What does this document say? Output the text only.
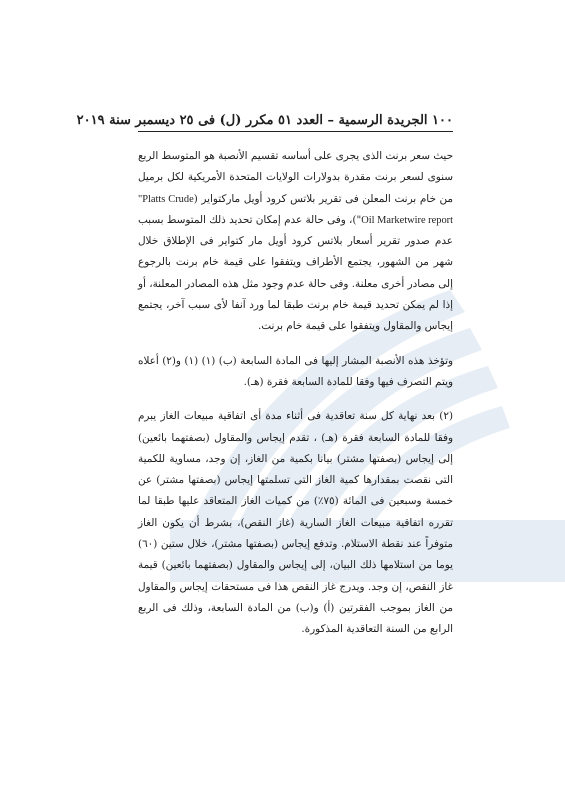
١٠٠ الجريدة الرسمية – العدد ٥١ مكرر (ل) فى ٢٥ ديسمبر سنة ٢٠١٩

حيث سعر برنت الذى يجرى على أساسه تقسيم الأنصبة هو المتوسط الربع سنوى لسعر برنت مقدرة بدولارات الولايات المتحدة الأمريكية لكل برميل من خام برنت المعلن فى تقرير بلاتس كرود أويل ماركتواير ("Platts Crude Oil Marketwire report")، وفى حالة عدم إمكان تحديد ذلك المتوسط بسبب عدم صدور تقرير أسعار بلاتس كرود أويل مار كتواير فى الإطلاق خلال شهر من الشهور، يجتمع الأطراف ويتفقوا على قيمة خام برنت بالرجوع إلى مصادر أخرى معلنة. وفى حالة عدم وجود مثل هذه المصادر المعلنة، أو إذا لم يمكن تحديد قيمة خام برنت طبقا لما ورد آنفا لأى سبب آخر، يجتمع إيجاس والمقاول ويتفقوا على قيمة خام برنت.

وتؤخذ هذه الأنصبة المشار إليها فى المادة السابعة (ب) (١) (١) و(٢) أعلاه ويتم التصرف فيها وفقا للمادة السابعة فقرة (هـ).

(٢) بعد نهاية كل سنة تعاقدية فى أثناء مدة أى اتفاقية مبيعات الغاز يبرم وفقا للمادة السابعة فقرة (هـ) ، تقدم إيجاس والمقاول (بصفتهما بائعين) إلى إيجاس (بصفتها مشتر) بيانا بكمية من الغاز، إن وجد، مساوية للكمية التى نقصت بمقدارها كمية الغاز التى تسلمتها إيجاس (بصفتها مشتر) عن خمسة وسبعين فى المائة (٧٥٪) من كميات الغاز المتعاقد عليها طبقا لما تقرره اتفاقية مبيعات الغاز السارية (غاز النقص)، بشرط أن يكون الغاز متوفراً عند نقطة الاستلام. وتدفع إيجاس (بصفتها مشتر)، خلال ستين (٦٠) يوما من استلامها ذلك البيان، إلى إيجاس والمقاول (بصفتهما بائعين) قيمة غاز النقص، إن وجد. ويدرج غاز النقص هذا فى مستحقات إيجاس والمقاول من الغاز بموجب الفقرتين (أ) و(ب) من المادة السابعة، وذلك فى الربع الرابع من السنة التعاقدية المذكورة.
